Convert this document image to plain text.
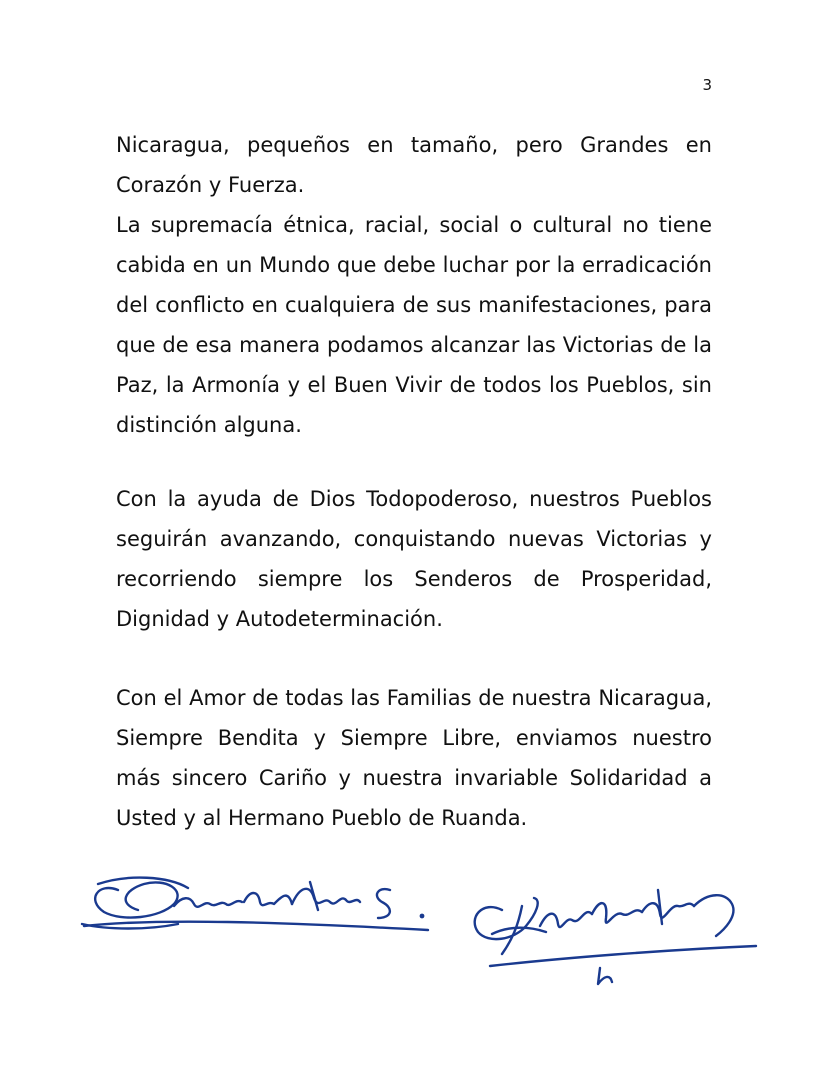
3

Nicaragua, pequeños en tamaño, pero Grandes en Corazón y Fuerza.

La supremacía étnica, racial, social o cultural no tiene cabida en un Mundo que debe luchar por la erradicación del conflicto en cualquiera de sus manifestaciones, para que de esa manera podamos alcanzar las Victorias de la Paz, la Armonía y el Buen Vivir de todos los Pueblos, sin distinción alguna.

Con la ayuda de Dios Todopoderoso, nuestros Pueblos seguirán avanzando, conquistando nuevas Victorias y recorriendo siempre los Senderos de Prosperidad, Dignidad y Autodeterminación.

Con el Amor de todas las Familias de nuestra Nicaragua, Siempre Bendita y Siempre Libre, enviamos nuestro más sincero Cariño y nuestra invariable Solidaridad a Usted y al Hermano Pueblo de Ruanda.
